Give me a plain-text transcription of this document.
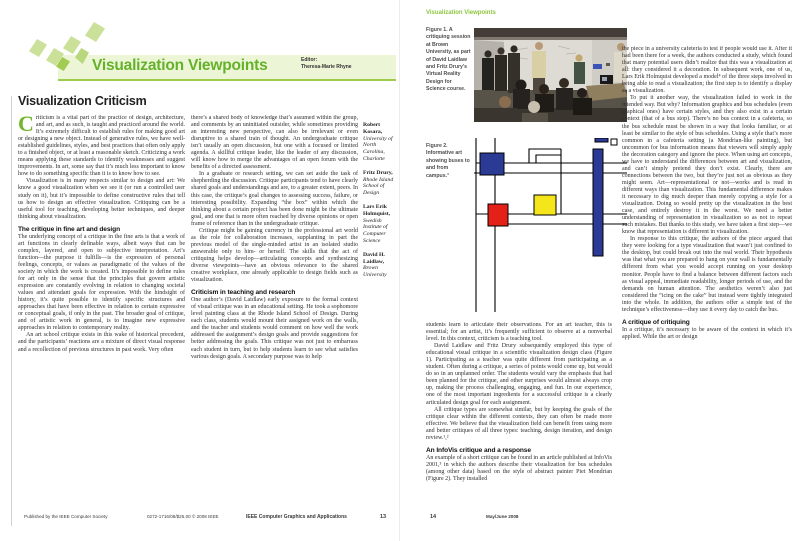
Visualization Viewpoints	Editor:
Theresa-Marie Rhyne
Visualization Criticism

Criticism is a vital part of the practice of design, architecture, and art, and as such, is taught and practiced around the world. It’s extremely difficult to establish rules for making good art or designing a new object. Instead of generative rules, we have well-established guidelines, styles, and best practices that often only apply to a finished object, or at least a reasonable sketch. Criticizing a work means applying these standards to identify weaknesses and suggest improvements. In art, some say that it’s much less important to know how to do something specific than it is to know how to see.

Visualization is in many respects similar to design and art: We know a good visualization when we see it (or run a controlled user study on it), but it’s impossible to define constructive rules that tell us how to design an effective visualization. Critiquing can be a useful tool for teaching, developing better techniques, and deeper thinking about visualization.

The critique in fine art and design

The underlying concept of a critique in the fine arts is that a work of art functions in clearly definable ways, albeit ways that can be complex, layered, and open to subjective interpretation. Art’s function—the purpose it fulfills—is the expression of personal feelings, concepts, or values as paradigmatic of the values of the society in which the work is created. It’s impossible to define rules for art only in the sense that the principles that govern artistic expression are constantly evolving in relation to changing societal values and attendant goals for expression. With the hindsight of history, it’s quite possible to identify specific structures and approaches that have been effective in relation to certain expressive or conceptual goals, if only in the past. The broader goal of critique, and of artistic work in general, is to imagine new expressive approaches in relation to contemporary reality.

An art school critique exists in this wake of historical precedent, and the participants’ reactions are a mixture of direct visual response and a recollection of previous structures in past work. Very often

there’s a shared body of knowledge that’s assumed within the group, and comments by an uninitiated outsider, while sometimes providing an interesting new perspective, can also be irrelevant or even disruptive to a shared train of thought. An undergraduate critique isn’t usually an open discussion, but one with a focused or limited agenda. A skillful critique leader, like the leader of any discussion, will know how to merge the advantages of an open forum with the benefits of a directed assessment.

In a graduate or research setting, we can set aside the task of shepherding the discussion. Critique participants tend to have clearly shared goals and understandings and are, to a greater extent, peers. In this case, the critique’s goal changes to assessing success, failure, or interesting possibility. Expanding “the box” within which the thinking about a certain project has been done might be the ultimate goal, and one that is more often reached by diverse opinions or open frame of reference than in the undergraduate critique.

Critique might be gaining currency in the professional art world as the role for collaboration increases, supplanting in part the previous model of the single-minded artist in an isolated studio answerable only to him- or herself. The skills that the act of critiquing helps develop—articulating concepts and synthesizing diverse viewpoints—have an obvious relevance to the shared creative workplace, one already applicable to design fields such as visualization.

Criticism in teaching and research

One author’s (David Laidlaw) early exposure to the formal context of visual critique was in an educational setting. He took a sophomore level painting class at the Rhode Island School of Design. During each class, students would mount their assigned work on the walls, and the teacher and students would comment on how well the work addressed the assignment’s design goals and provide suggestions for better addressing the goals. This critique was not just to embarrass each student in turn, but to help students learn to see what satisfies various design goals. A secondary purpose was to help

Robert Kosara,
University of North Carolina, Charlotte
Fritz Drury,
Rhode Island School of Design
Lars Erik Holmquist,
Swedish Institute of Computer Science
David H. Laidlaw,
Brown University
Published by the IEEE Computer Society	0272-1716/08/$25.00 © 2008 IEEE	IEEE Computer Graphics and Applications	13
Visualization Viewpoints
Figure 1. A critiquing session at Brown University, as part of David Laidlaw and Fritz Drury’s Virtual Reality Design for Science course.
Figure 2. Informative art showing buses to and from campus.³

students learn to articulate their observations. For an art teacher, this is essential; for an artist, it’s frequently sufficient to observe at a nonverbal level. In this context, criticism is a teaching tool.

David Laidlaw and Fritz Drury subsequently employed this type of educational visual critique in a scientific visualization design class (Figure 1). Participating as a teacher was quite different from participating as a student. Often during a critique, a series of points would come up, but would do so in an unplanned order. The students would vary the emphasis that had been planned for the critique, and other surprises would almost always crop up, making the process challenging, engaging, and fun. In our experience, one of the most important ingredients for a successful critique is a clearly articulated design goal for each assignment.

All critique types are somewhat similar, but by keeping the goals of the critique clear within the different contexts, they can often be made more effective. We believe that the visualization field can benefit from using more and better critiques of all three types: teaching, design iteration, and design review.¹,²

An InfoVis critique and a response

An example of a short critique can be found in an article published at InfoVis 2001,³ in which the authors describe their visualization for bus schedules (among other data) based on the style of abstract painter Piet Mondrian (Figure 2). They installed

the piece in a university cafeteria to test if people would use it. After it had been there for a week, the authors conducted a study, which found that many potential users didn’t realize that this was a visualization at all: they considered it a decoration. In subsequent work, one of us, Lars Erik Holmquist developed a model⁴ of the three steps involved in being able to read a visualization; the first step is to identify a display as a visualization.

To put it another way, the visualization failed to work in the intended way. But why? Information graphics and bus schedules (even graphical ones) have certain styles, and they also exist in a certain context (that of a bus stop). There’s no bus context in a cafeteria, so the bus schedule must be shown in a way that looks familiar, or at least be similar to the style of bus schedules. Using a style that’s more common in a cafeteria setting (a Mondrian-like painting), but uncommon for bus information means that viewers will simply apply the decoration category and ignore the piece. When using art concepts, we have to understand the differences between art and visualization, and can’t simply pretend they don’t exist. Clearly, there are connections between the two, but they’re just not as obvious as they might seem. Art—representational or not—works and is read in different ways than visualization. This fundamental difference makes it necessary to dig much deeper than merely copying a style for a visualization. Doing so would pretty up the visualization in the best case, and entirely destroy it in the worst. We need a better understanding of representation in visualization so as not to repeat such mistakes. But thanks to this study, we have taken a first step—we know that representation is different in visualization.

In response to this critique, the authors of the piece argued that they were looking for a type visualization that wasn’t just confined to the desktop, but could break out into the real world. Their hypothesis was that what you are prepared to hang on your wall is fundamentally different from what you would accept running on your desktop monitor. People have to find a balance between different factors such as visual appeal, immediate readability, longer periods of use, and the demands on human attention. The aesthetics weren’t also just considered the “icing on the cake” but instead were tightly integrated into the whole. In addition, the authors offer a simple test of the technique’s effectiveness—they use it every day to catch the bus.

A critique of critiquing

In a critique, it’s necessary to be aware of the context in which it’s applied. While the art or design

14	May/June 2008
